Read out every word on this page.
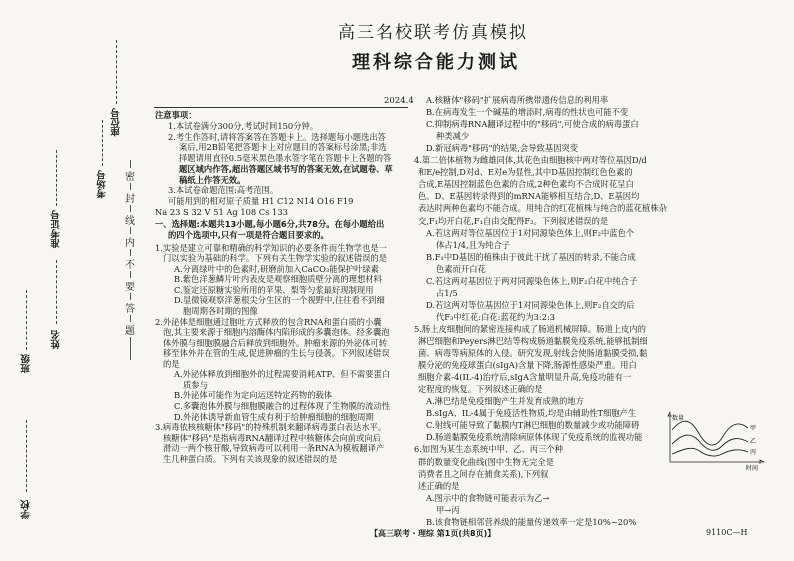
学校
班级
姓名
准考证号
考场号
座位号
密
封
线
内
不
要
答
题
高三名校联考仿真模拟
理科综合能力测试
2024.4
注意事项：
1.本试卷满分300分,考试时间150分钟。
2.考生作答时,请将答案答在答题卡上。选择题每小题选出答
案后,用2B铅笔把答题卡上对应题目的答案标号涂黑;非选
择题请用直径0.5毫米黑色墨水签字笔在答题卡上各题的答
题区域内作答,超出答题区域书写的答案无效,在试题卷、草
稿纸上作答无效。
3.本试卷命题范围:高考范围。
可能用到的相对原子质量 H1 C12 N14 O16 F19
Na 23 S 32 V 51 Ag 108 Cs 133
一、选择题:本题共13小题,每小题6分,共78分。在每小题给出
的四个选项中,只有一项是符合题目要求的。
1.实验是建立可靠和精确的科学知识的必要条件而生物学也是一
门以实验为基础的科学。下列有关生物学实验的叙述错误的是
A.分离绿叶中的色素时,研磨前加入CaCO₃能保护叶绿素
B.紫色洋葱鳞片叶内表皮是观察细胞质壁分离的理想材料
C.鉴定还原糖实验所用的苹果、梨等匀浆最好现制现用
D.显微镜观察洋葱根尖分生区的一个视野中,往往看不到细
胞周期各时期的图像
2.外泌体是细胞通过胞吐方式释放的包含RNA和蛋白质的小囊
泡,其主要来源于细胞内溶酶体内陷形成的多囊泡体。经多囊泡
体外膜与细胞膜融合后释放到细胞外。肿瘤来源的外泌体可转
移至体外并在管的生成,促进肿瘤的生长与侵袭。下列叙述错误
的是
A.外泌体释放到细胞外的过程需要消耗ATP、但不需要蛋白
质参与
B.外泌体可能作为定向运送特定药物的载体
C.多囊泡体外膜与细胞膜融合的过程体现了生物膜的流动性
D.外泌体诱导新血管生成有利于给肿瘤细胞的细胞周期
3.病毒依核核糖体"移码"的特殊机制来翻译病毒蛋白表达水平。
核糖体"移码"是指病毒RNA翻译过程中核糖体会向前或向后
滑动一两个核苷酸,导致病毒可以利用一条RNA为模板翻译产
生几种蛋白质。下列有关该现象的叙述错误的是
A.核糖体"移码"扩展病毒所携带遗传信息的利用率
B.在病毒发生一个碱基的增添时,病毒的性状也可能不变
C.抑制病毒RNA翻译过程中的"移码",可使合成的病毒蛋白
种类减少
D.新冠病毒"移码"的结果,会导致基因突变
4.第二倍体植物为雌雄同体,其花色由细胞核中两对等位基因D/d
和E/e控制,D对d、E对e为显性,其中D基因控制红色色素的
合成,E基因控制蓝色色素的合成,2种色素均不合成时花呈白
色。D、E基因转录得到的mRNA能够相互结合,D、E基因均
表达时两种色素均不能合成。用纯合的红花植株与纯合的蓝花植株杂
交,F₁均开白花,F₁自由交配得F₂。下列叙述错误的是
A.若这两对等位基因位于1对同源染色体上,则F₂中蓝色个
体占1/4,且为纯合子
B.F₁中D基因的植株由于彼此干扰了基因的转录,不能合成
色素而开白花
C.若这两对基因位于两对同源染色体上,则F₂白花中纯合子
占1/5
D.若这两对等位基因位于1对同源染色体上,则F₂自交的后
代F₃中红花:白花:蓝花约为3:2:3
5.肠上皮细胞间的紧密连接构成了肠道机械屏障。肠道上皮内的
淋巴细胞和Peyers淋巴结等构成肠道黏膜免疫系统,能够抵制细
菌、病毒等病原体的入侵。研究发现,射线会使肠道黏膜受损,黏
膜分泌的免疫球蛋白(sIgA)含量下降,肠源性感染严重。用白
细胞介素-4(IL-4)治疗后,sIgA含量明显升高,免疫功能有一
定程度的恢复。下列叙述正确的是
A.淋巴结是免疫细胞产生并发育成熟的地方
B.sIgA、IL-4属于免疫活性物质,均是由辅助性T细胞产生
C.射线可能导致了黏膜内T淋巴细胞的数量减少或功能障碍
D.肠道黏膜免疫系统清除病原体体现了免疫系统的监视功能
6.如图为某生态系统中甲、乙、丙三个种
群的数量变化曲线(图中生物无完全是
消费者且之间存在捕食关系),下列叙
述正确的是
A.图示中的食物链可能表示为乙→
甲→丙
B.该食物链相邻营养级的能量传递效率一定是10%~20%
数量
甲
乙
丙
时间
【高三联考・理综 第1页(共8页)】	9110C—H
